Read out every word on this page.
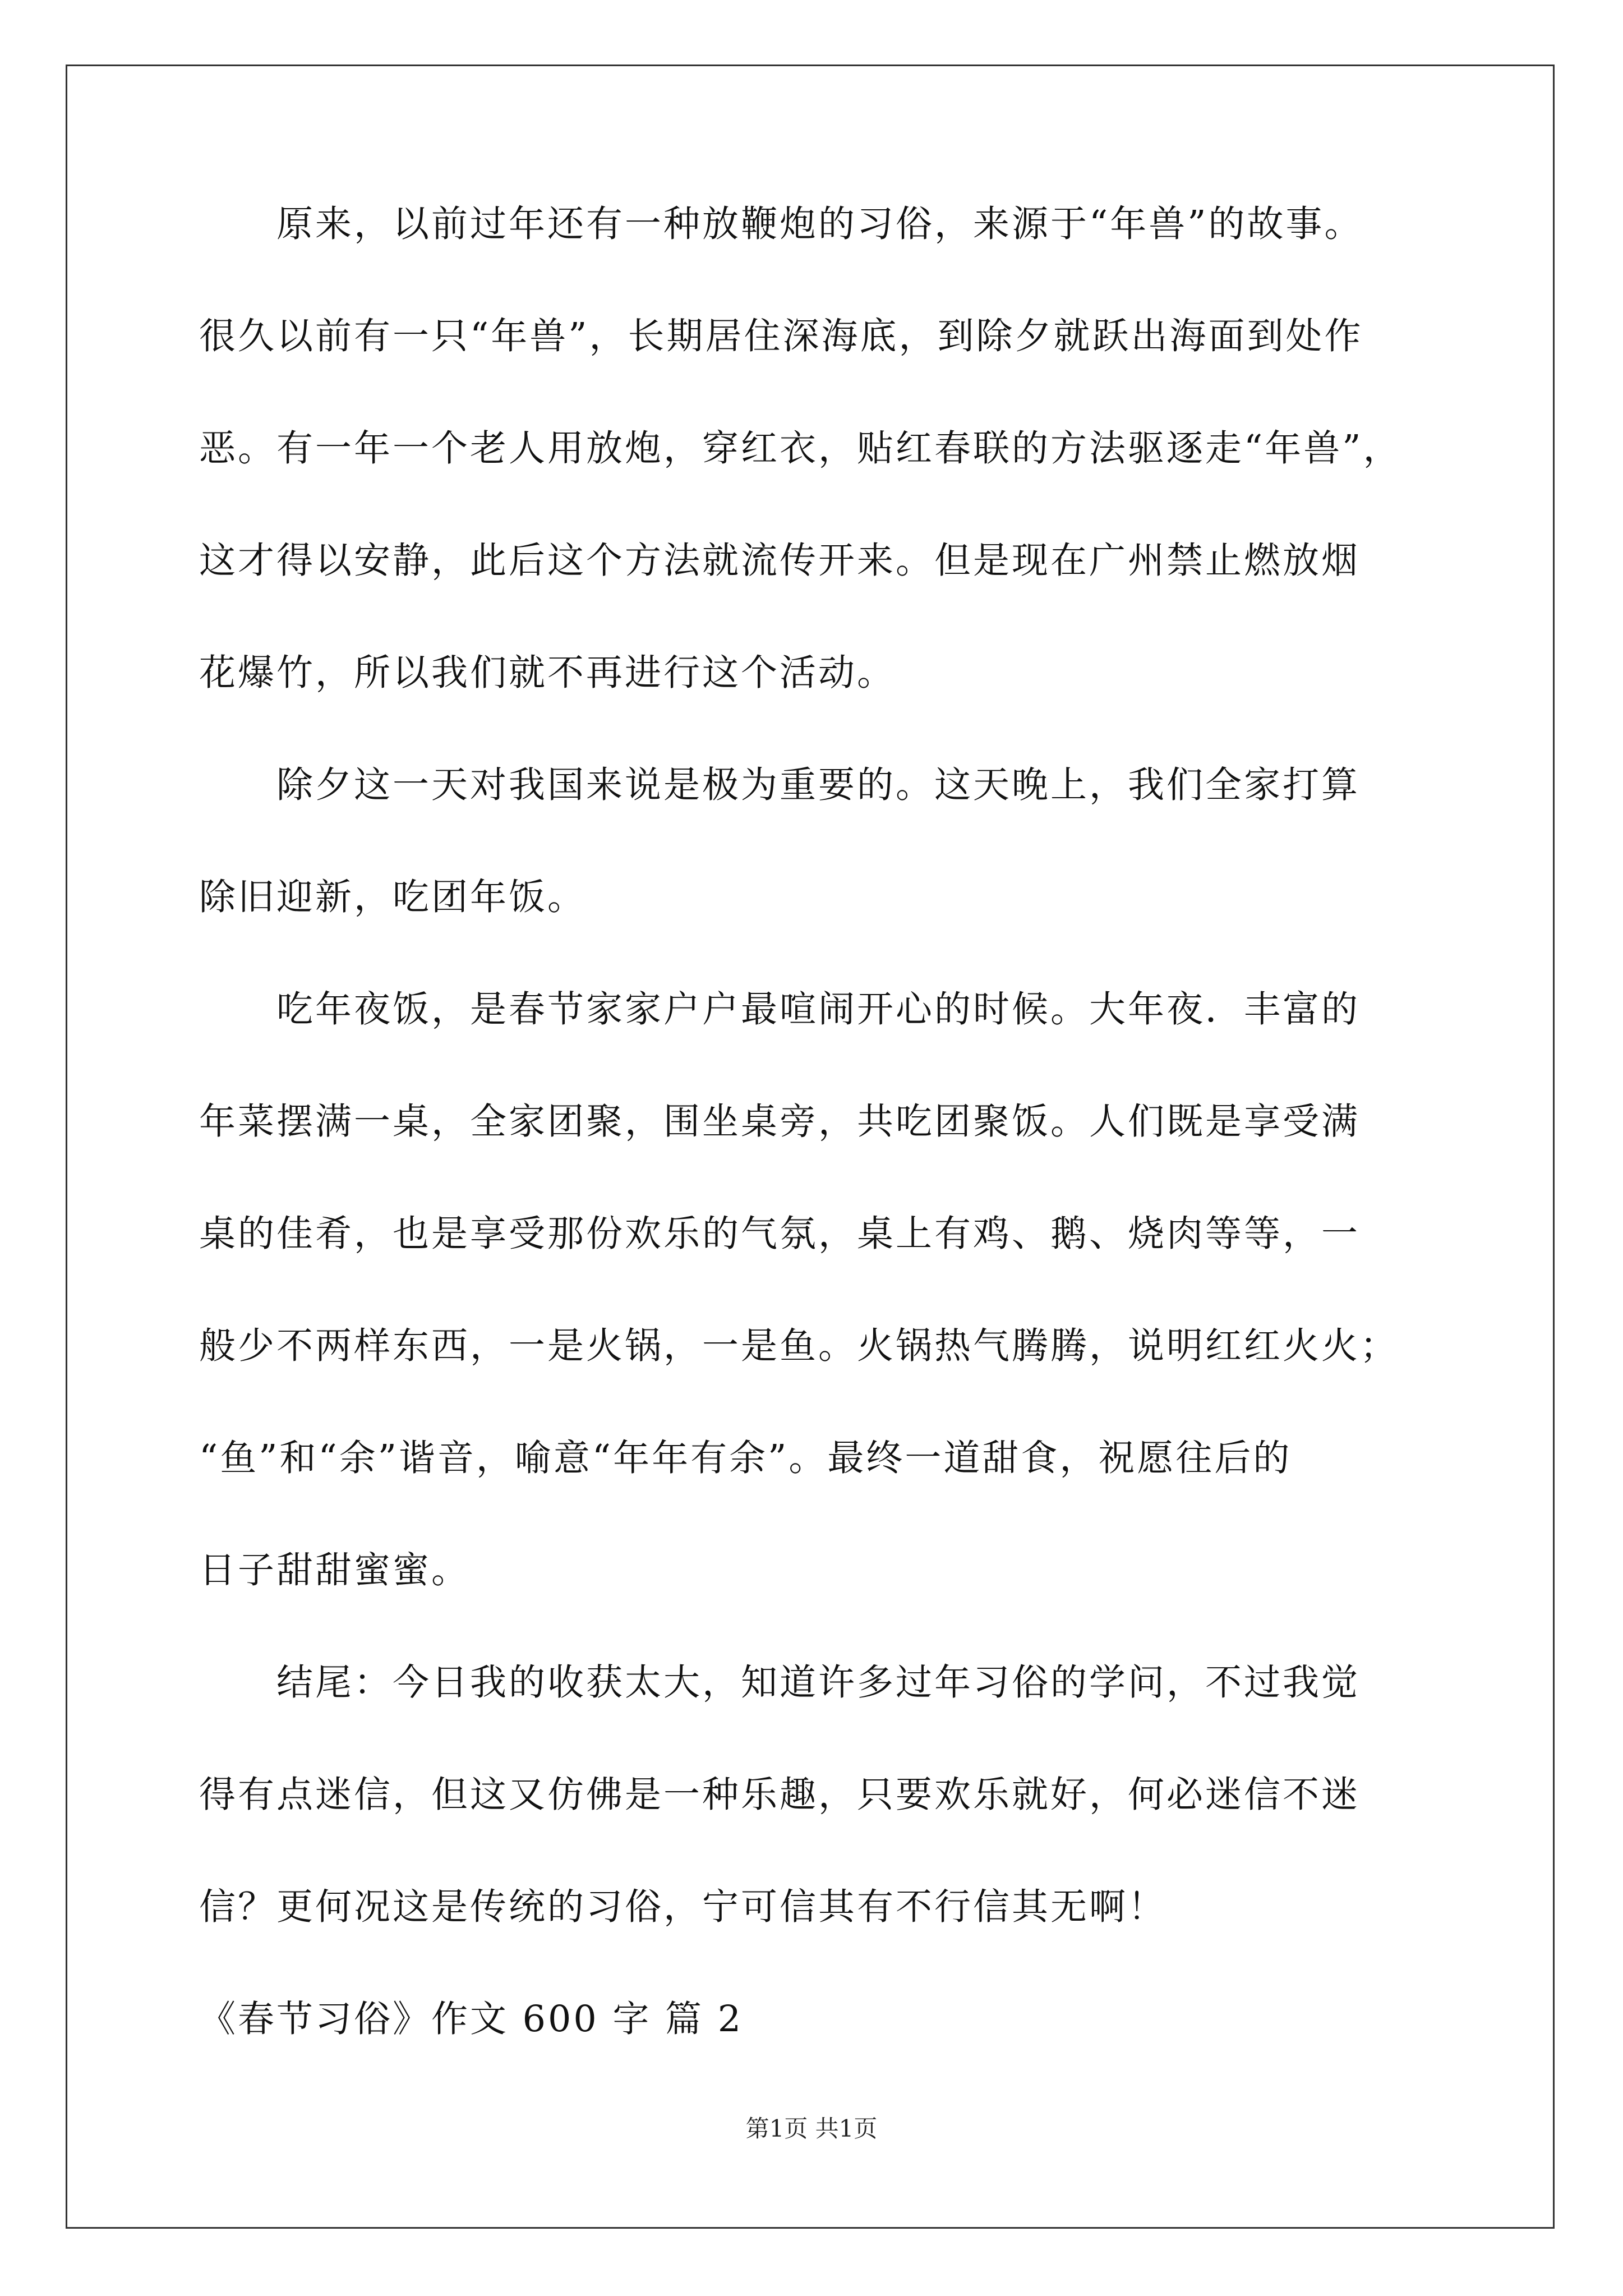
　　原来，以前过年还有一种放鞭炮的习俗，来源于“年兽”的故事。
很久以前有一只“年兽”，长期居住深海底，到除夕就跃出海面到处作
恶。有一年一个老人用放炮，穿红衣，贴红春联的方法驱逐走“年兽”，
这才得以安静，此后这个方法就流传开来。但是现在广州禁止燃放烟
花爆竹，所以我们就不再进行这个活动。
　　除夕这一天对我国来说是极为重要的。这天晚上，我们全家打算
除旧迎新，吃团年饭。
　　吃年夜饭，是春节家家户户最喧闹开心的时候。大年夜．丰富的
年菜摆满一桌，全家团聚，围坐桌旁，共吃团聚饭。人们既是享受满
桌的佳肴，也是享受那份欢乐的气氛，桌上有鸡、鹅、烧肉等等，一
般少不两样东西，一是火锅，一是鱼。火锅热气腾腾，说明红红火火；
“鱼”和“余”谐音，喻意“年年有余”。最终一道甜食，祝愿往后的
日子甜甜蜜蜜。
　　结尾：今日我的收获太大，知道许多过年习俗的学问，不过我觉
得有点迷信，但这又仿佛是一种乐趣，只要欢乐就好，何必迷信不迷
信？更何况这是传统的习俗，宁可信其有不行信其无啊！
《春节习俗》作文 600 字 篇 2
第1页 共1页
